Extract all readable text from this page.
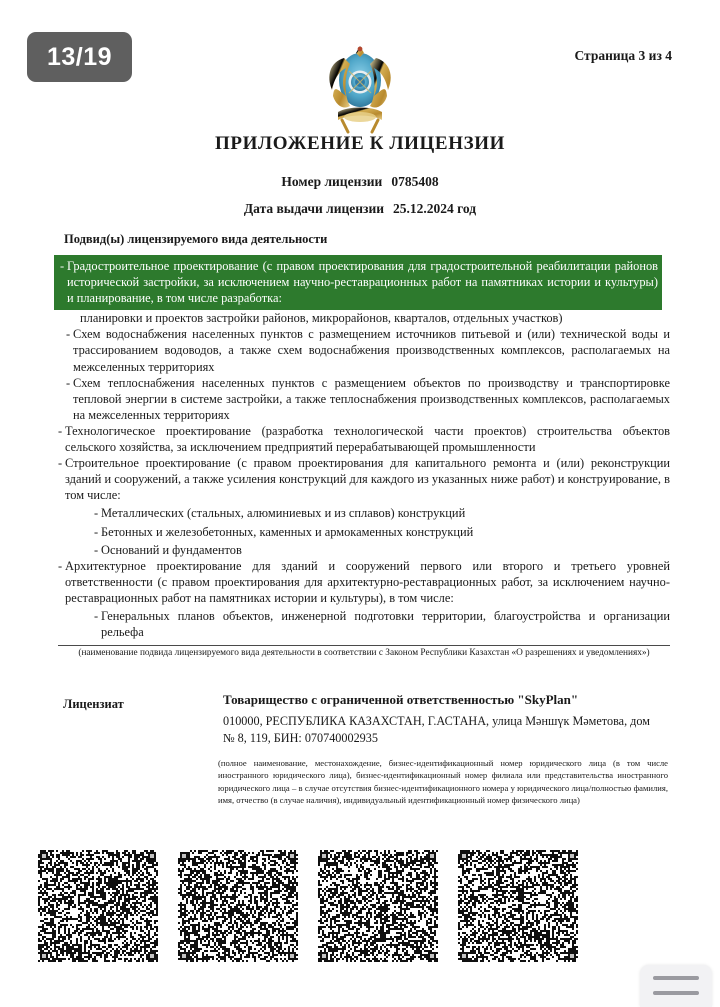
13/19	Страница 3 из 4
ПРИЛОЖЕНИЕ К ЛИЦЕНЗИИ
Номер лицензии 0785408
Дата выдачи лицензии 25.12.2024 год
Подвид(ы) лицензируемого вида деятельности
- Градостроительное проектирование (с правом проектирования для градостроительной реабилитации районов исторической застройки, за исключением научно-реставрационных работ на памятниках истории и культуры) и планирование, в том числе разработка:
планировки и проектов застройки районов, микрорайонов, кварталов, отдельных участков)
- Схем водоснабжения населенных пунктов с размещением источников питьевой и (или) технической воды и трассированием водоводов, а также схем водоснабжения производственных комплексов, располагаемых на межселенных территориях
- Схем теплоснабжения населенных пунктов с размещением объектов по производству и транспортировке тепловой энергии в системе застройки, а также теплоснабжения производственных комплексов, располагаемых на межселенных территориях
- Технологическое проектирование (разработка технологической части проектов) строительства объектов сельского хозяйства, за исключением предприятий перерабатывающей промышленности
- Строительное проектирование (с правом проектирования для капитального ремонта и (или) реконструкции зданий и сооружений, а также усиления конструкций для каждого из указанных ниже работ) и конструирование, в том числе:
- Металлических (стальных, алюминиевых и из сплавов) конструкций
- Бетонных и железобетонных, каменных и армокаменных конструкций
- Оснований и фундаментов
- Архитектурное проектирование для зданий и сооружений первого или второго и третьего уровней ответственности (с правом проектирования для архитектурно-реставрационных работ, за исключением научно-реставрационных работ на памятниках истории и культуры), в том числе:
- Генеральных планов объектов, инженерной подготовки территории, благоустройства и организации рельефа
(наименование подвида лицензируемого вида деятельности в соответствии с Законом Республики Казахстан «О разрешениях и уведомлениях»)
Лицензиат	Товарищество с ограниченной ответственностью "SkyPlan"
010000, РЕСПУБЛИКА КАЗАХСТАН, Г.АСТАНА, улица Мәншүк Мәметова, дом № 8, 119, БИН: 070740002935
(полное наименование, местонахождение, бизнес-идентификационный номер юридического лица (в том числе иностранного юридического лица), бизнес-идентификационный номер филиала или представительства иностранного юридического лица – в случае отсутствия бизнес-идентификационного номера у юридического лица/полностью фамилия, имя, отчество (в случае наличия), индивидуальный идентификационный номер физического лица)
